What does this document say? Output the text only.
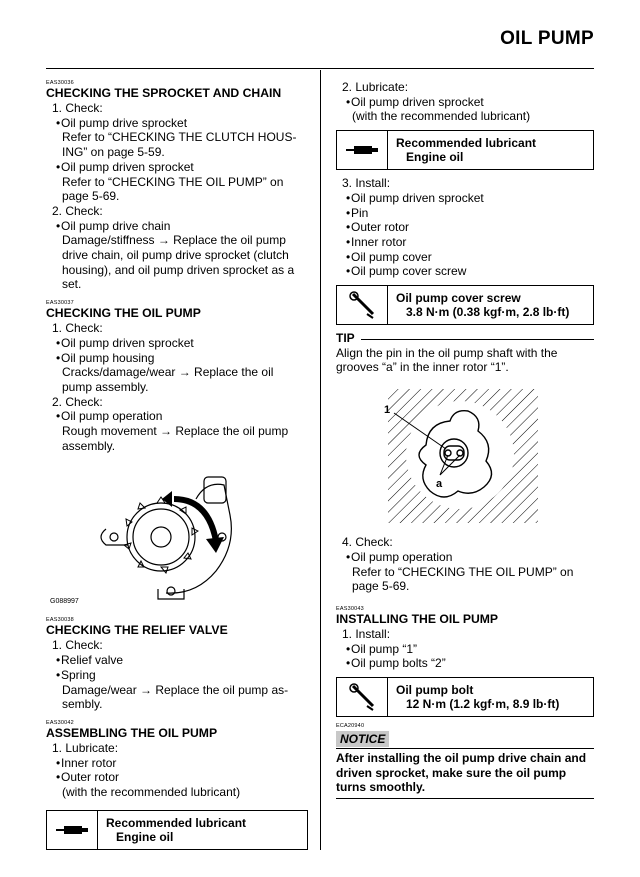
OIL PUMP
EAS30036
CHECKING THE SPROCKET AND CHAIN
1. Check:
• Oil pump drive sprocket
Refer to “CHECKING THE CLUTCH HOUS-
ING” on page 5-59.
• Oil pump driven sprocket
Refer to “CHECKING THE OIL PUMP” on
page 5-69.
2. Check:
• Oil pump drive chain
Damage/stiffness → Replace the oil pump
drive chain, oil pump drive sprocket (clutch
housing), and oil pump driven sprocket as a
set.
EAS30037
CHECKING THE OIL PUMP
1. Check:
• Oil pump driven sprocket
• Oil pump housing
Cracks/damage/wear → Replace the oil
pump assembly.
2. Check:
• Oil pump operation
Rough movement → Replace the oil pump
assembly.
G088997
EAS30038
CHECKING THE RELIEF VALVE
1. Check:
• Relief valve
• Spring
Damage/wear → Replace the oil pump as-
sembly.
EAS30042
ASSEMBLING THE OIL PUMP
1. Lubricate:
• Inner rotor
• Outer rotor
(with the recommended lubricant)
Recommended lubricant
Engine oil
2. Lubricate:
• Oil pump driven sprocket
(with the recommended lubricant)
Recommended lubricant
Engine oil
3. Install:
• Oil pump driven sprocket
• Pin
• Outer rotor
• Inner rotor
• Oil pump cover
• Oil pump cover screw
Oil pump cover screw
3.8 N·m (0.38 kgf·m, 2.8 lb·ft)
TIP
Align the pin in the oil pump shaft with the
grooves “a” in the inner rotor “1”.
1
a
4. Check:
• Oil pump operation
Refer to “CHECKING THE OIL PUMP” on
page 5-69.
EAS30043
INSTALLING THE OIL PUMP
1. Install:
• Oil pump “1”
• Oil pump bolts “2”
Oil pump bolt
12 N·m (1.2 kgf·m, 8.9 lb·ft)
ECA20940
NOTICE
After installing the oil pump drive chain and
driven sprocket, make sure the oil pump
turns smoothly.
